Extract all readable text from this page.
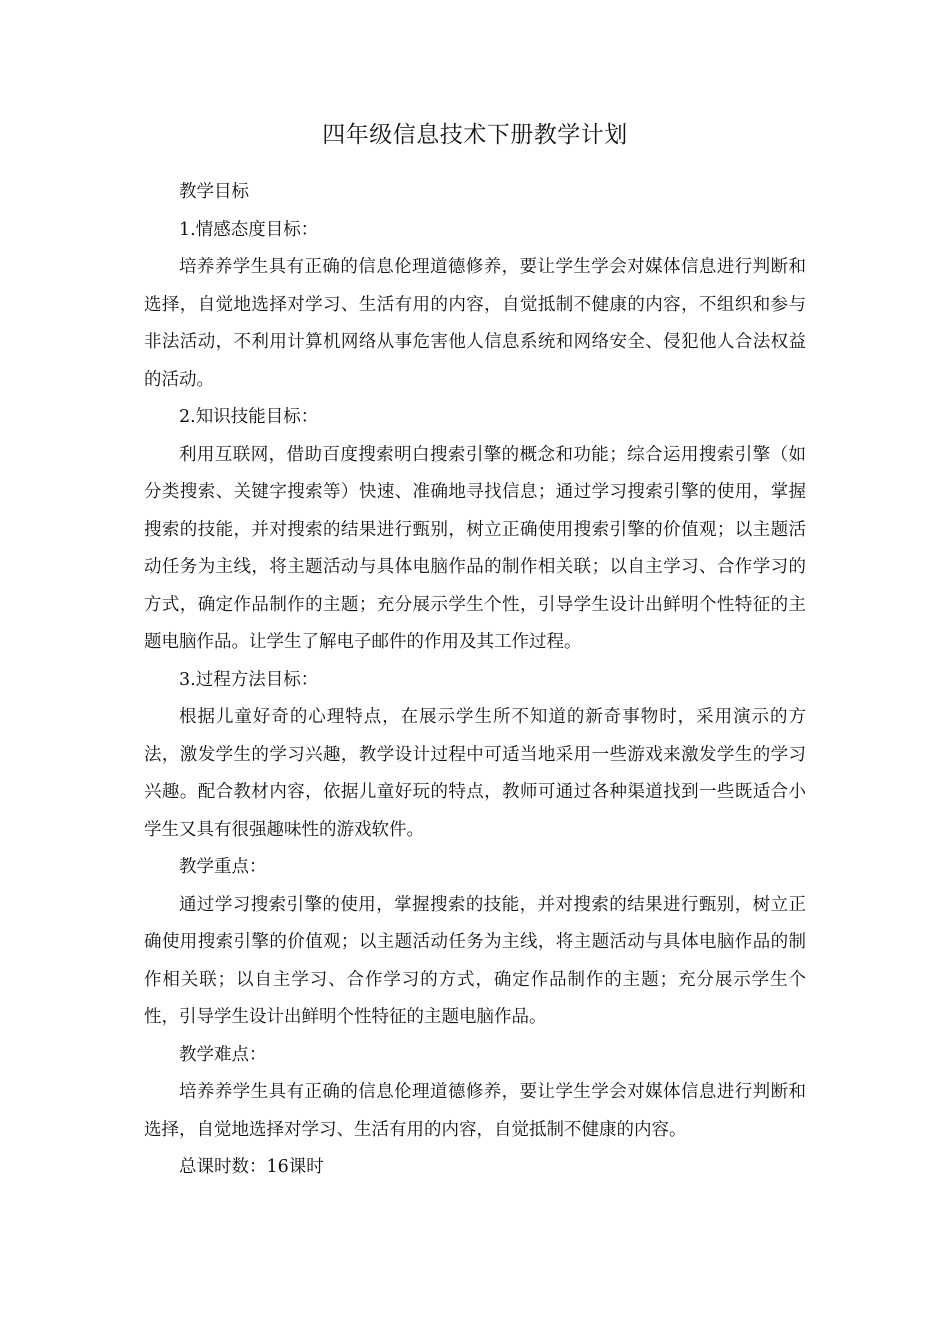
四年级信息技术下册教学计划

教学目标

1.情感态度目标：

培养养学生具有正确的信息伦理道德修养，要让学生学会对媒体信息进行判断和选择，自觉地选择对学习、生活有用的内容，自觉抵制不健康的内容，不组织和参与非法活动，不利用计算机网络从事危害他人信息系统和网络安全、侵犯他人合法权益的活动。

2.知识技能目标：

利用互联网，借助百度搜索明白搜索引擎的概念和功能；综合运用搜索引擎（如分类搜索、关键字搜索等）快速、准确地寻找信息；通过学习搜索引擎的使用，掌握搜索的技能，并对搜索的结果进行甄别，树立正确使用搜索引擎的价值观；以主题活动任务为主线，将主题活动与具体电脑作品的制作相关联；以自主学习、合作学习的方式，确定作品制作的主题；充分展示学生个性，引导学生设计出鲜明个性特征的主题电脑作品。让学生了解电子邮件的作用及其工作过程。

3.过程方法目标：

根据儿童好奇的心理特点，在展示学生所不知道的新奇事物时，采用演示的方法，激发学生的学习兴趣，教学设计过程中可适当地采用一些游戏来激发学生的学习兴趣。配合教材内容，依据儿童好玩的特点，教师可通过各种渠道找到一些既适合小学生又具有很强趣味性的游戏软件。

教学重点：

通过学习搜索引擎的使用，掌握搜索的技能，并对搜索的结果进行甄别，树立正确使用搜索引擎的价值观；以主题活动任务为主线，将主题活动与具体电脑作品的制作相关联；以自主学习、合作学习的方式，确定作品制作的主题；充分展示学生个性，引导学生设计出鲜明个性特征的主题电脑作品。

教学难点：

培养养学生具有正确的信息伦理道德修养，要让学生学会对媒体信息进行判断和选择，自觉地选择对学习、生活有用的内容，自觉抵制不健康的内容。

总课时数：16课时
